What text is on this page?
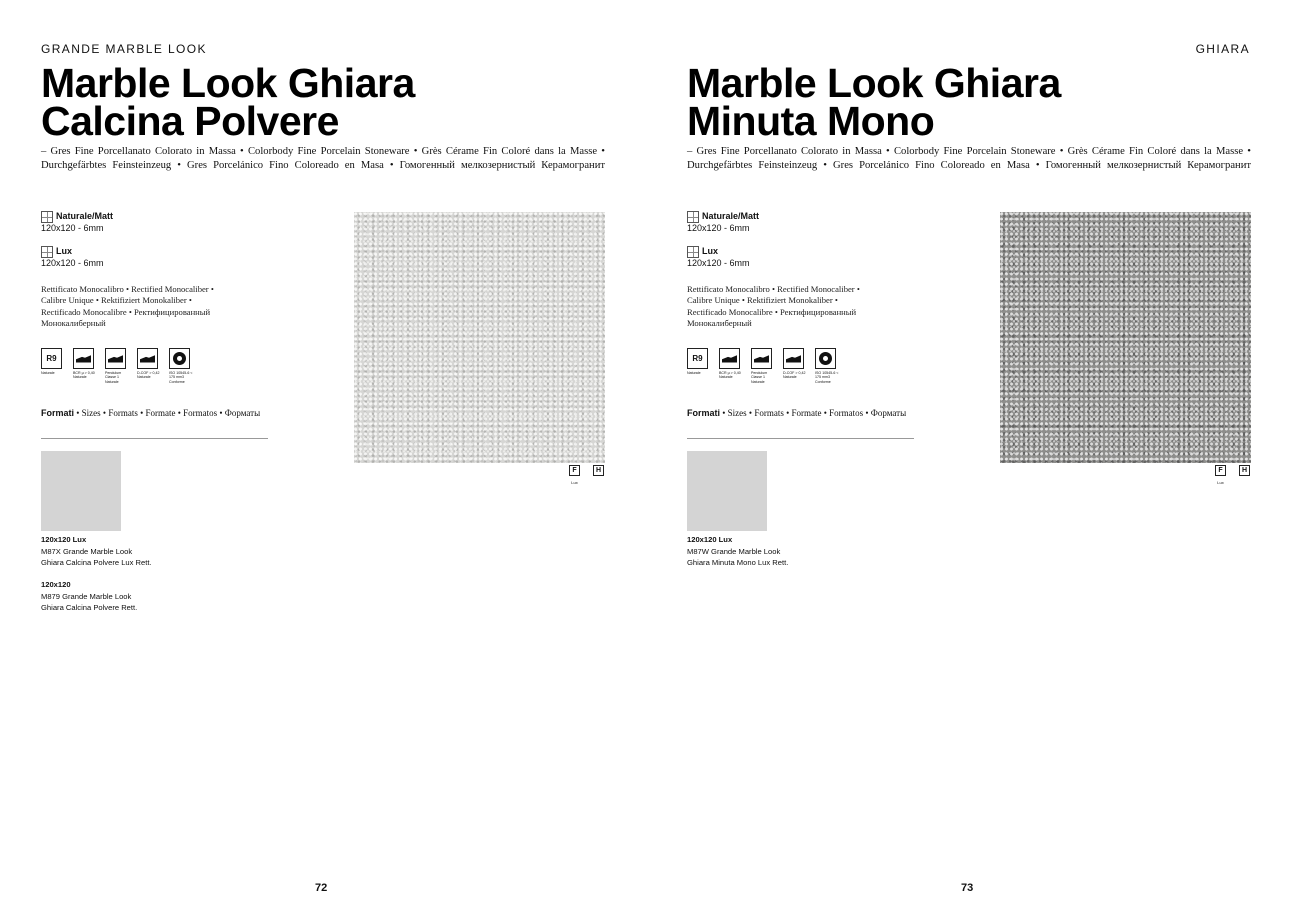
GRANDE MARBLE LOOK
Marble Look Ghiara
Calcina Polvere

– Gres Fine Porcellanato Colorato in Massa • Colorbody Fine Porcelain Stoneware • Grès Cérame Fin Coloré dans la Masse • Durchgefärbtes Feinsteinzeug • Gres Porcelánico Fino Coloreado en Masa • Гомогенный мелкозернистый Керамогранит

Naturale/Matt
120x120 - 6mm
Lux
120x120 - 6mm

Rettificato Monocalibro • Rectified Monocaliber • Calibre Unique • Rektifiziert Monokaliber • Rectificado Monocalibre • Ректифицированный Монокалиберный

R9
Naturale	BCR µ > 0,40 Naturale
Pendulum Classe 1 Naturale
D-COF > 0,42 Naturale
ISO 10545-6 < 175 mm3 Conforme

Formati • Sizes • Formats • Formate • Formatos • Форматы

120x120 Lux
M87X Grande Marble Look
Ghiara Calcina Polvere Lux Rett.
120x120
M879 Grande Marble Look
Ghiara Calcina Polvere Rett.
F	H
Lux
72
GHIARA
Marble Look Ghiara
Minuta Mono

– Gres Fine Porcellanato Colorato in Massa • Colorbody Fine Porcelain Stoneware • Grès Cérame Fin Coloré dans la Masse • Durchgefärbtes Feinsteinzeug • Gres Porcelánico Fino Coloreado en Masa • Гомогенный мелкозернистый Керамогранит

Naturale/Matt
120x120 - 6mm
Lux
120x120 - 6mm

Rettificato Monocalibro • Rectified Monocaliber • Calibre Unique • Rektifiziert Monokaliber • Rectificado Monocalibre • Ректифицированный Монокалиберный

R9
Naturale	BCR µ > 0,40 Naturale
Pendulum Classe 1 Naturale
D-COF > 0,42 Naturale
ISO 10545-6 < 175 mm3 Conforme

Formati • Sizes • Formats • Formate • Formatos • Форматы

120x120 Lux
M87W Grande Marble Look
Ghiara Minuta Mono Lux Rett.
F	H
Lux
73
